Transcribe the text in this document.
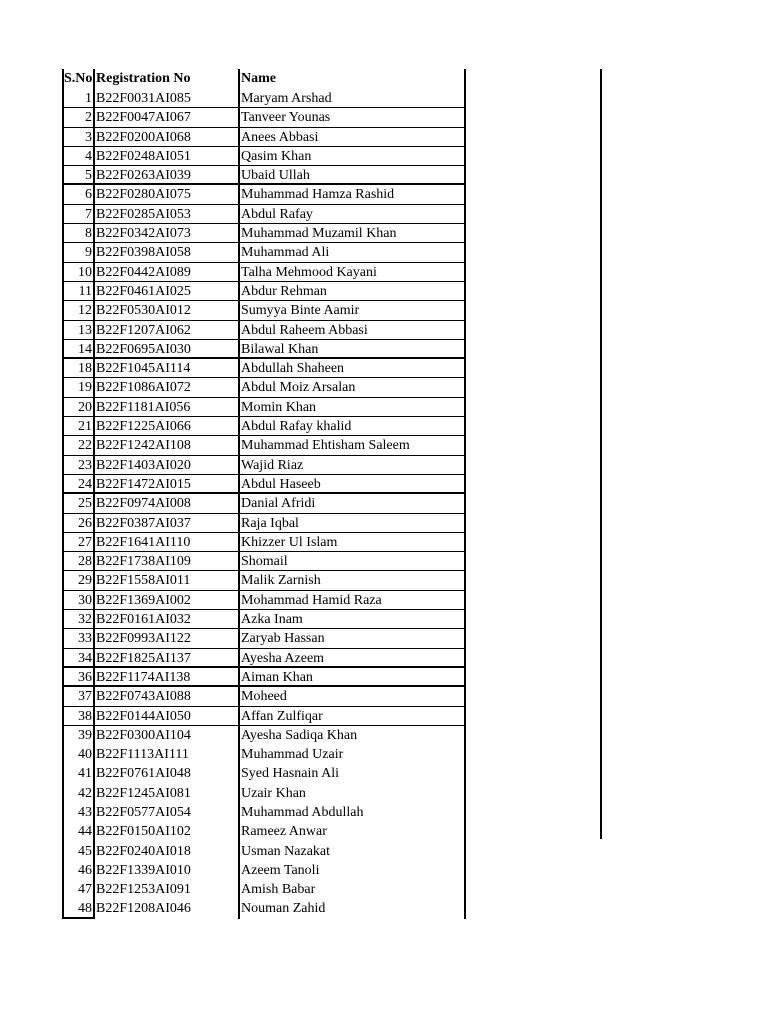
S.No Registration No	Name
1 B22F0031AI085	Maryam Arshad
2 B22F0047AI067	Tanveer Younas
3 B22F0200AI068	Anees Abbasi
4 B22F0248AI051	Qasim Khan
5 B22F0263AI039	Ubaid Ullah
6 B22F0280AI075	Muhammad Hamza Rashid
7 B22F0285AI053	Abdul Rafay
8 B22F0342AI073	Muhammad Muzamil Khan
9 B22F0398AI058	Muhammad Ali
10 B22F0442AI089	Talha Mehmood Kayani
11 B22F0461AI025	Abdur Rehman
12 B22F0530AI012	Sumyya Binte Aamir
13 B22F1207AI062	Abdul Raheem Abbasi
14 B22F0695AI030	Bilawal Khan
18 B22F1045AI114	Abdullah Shaheen
19 B22F1086AI072	Abdul Moiz Arsalan
20 B22F1181AI056	Momin Khan
21 B22F1225AI066	Abdul Rafay khalid
22 B22F1242AI108	Muhammad Ehtisham Saleem
23 B22F1403AI020	Wajid Riaz
24 B22F1472AI015	Abdul Haseeb
25 B22F0974AI008	Danial Afridi
26 B22F0387AI037	Raja Iqbal
27 B22F1641AI110	Khizzer Ul Islam
28 B22F1738AI109	Shomail
29 B22F1558AI011	Malik Zarnish
30 B22F1369AI002	Mohammad Hamid Raza
32 B22F0161AI032	Azka Inam
33 B22F0993AI122	Zaryab Hassan
34 B22F1825AI137	Ayesha Azeem
36 B22F1174AI138	Aiman Khan
37 B22F0743AI088	Moheed
38 B22F0144AI050	Affan Zulfiqar
39 B22F0300AI104	Ayesha Sadiqa Khan
40 B22F1113AI111	Muhammad Uzair
41 B22F0761AI048	Syed Hasnain Ali
42 B22F1245AI081	Uzair Khan
43 B22F0577AI054	Muhammad Abdullah
44 B22F0150AI102	Rameez Anwar
45 B22F0240AI018	Usman Nazakat
46 B22F1339AI010	Azeem Tanoli
47 B22F1253AI091	Amish Babar
48 B22F1208AI046	Nouman Zahid
